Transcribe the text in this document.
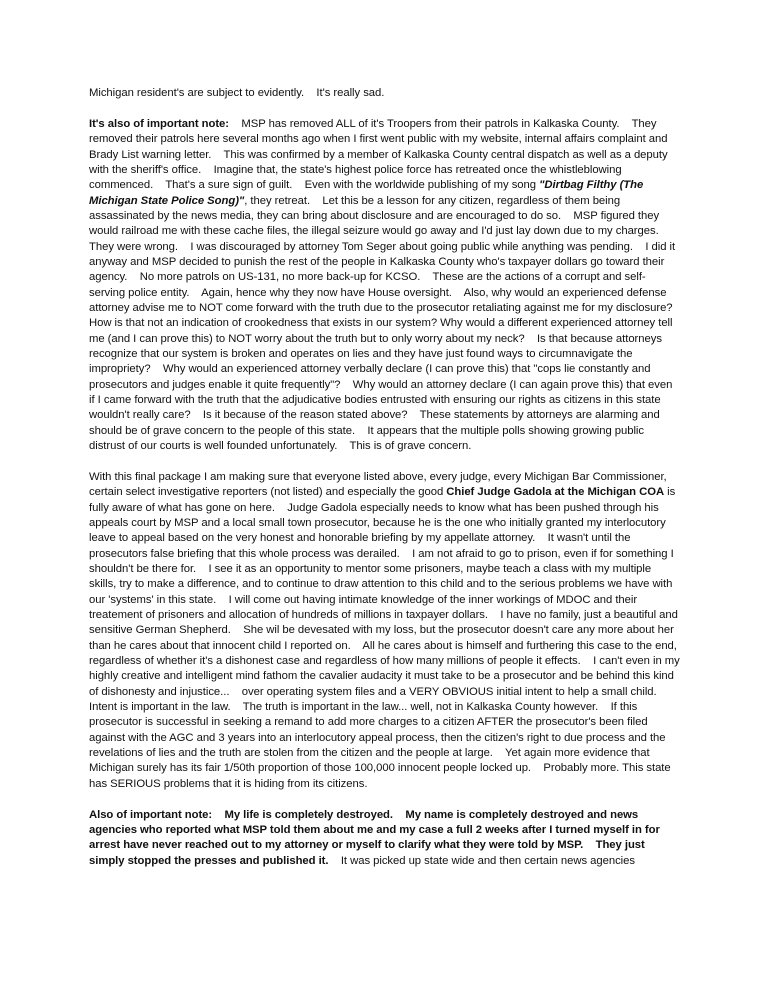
Michigan resident's are subject to evidently.    It's really sad.

It's also of important note:    MSP has removed ALL of it's Troopers from their patrols in Kalkaska County.    They removed their patrols here several months ago when I first went public with my website, internal affairs complaint and Brady List warning letter.    This was confirmed by a member of Kalkaska County central dispatch as well as a deputy with the sheriff's office.    Imagine that, the state's highest police force has retreated once the whistleblowing commenced.    That's a sure sign of guilt.    Even with the worldwide publishing of my song "Dirtbag Filthy (The Michigan State Police Song)", they retreat.    Let this be a lesson for any citizen, regardless of them being assassinated by the news media, they can bring about disclosure and are encouraged to do so.    MSP figured they would railroad me with these cache files, the illegal seizure would go away and I'd just lay down due to my charges.    They were wrong.    I was discouraged by attorney Tom Seger about going public while anything was pending.    I did it anyway and MSP decided to punish the rest of the people in Kalkaska County who's taxpayer dollars go toward their agency.    No more patrols on US-131, no more back-up for KCSO.    These are the actions of a corrupt and self-serving police entity.    Again, hence why they now have House oversight.    Also, why would an experienced defense attorney advise me to NOT come forward with the truth due to the prosecutor retaliating against me for my disclosure?    How is that not an indication of crookedness that exists in our system? Why would a different experienced attorney tell me (and I can prove this) to NOT worry about the truth but to only worry about my neck?    Is that because attorneys recognize that our system is broken and operates on lies and they have just found ways to circumnavigate the impropriety?    Why would an experienced attorney verbally declare (I can prove this) that "cops lie constantly and prosecutors and judges enable it quite frequently"?    Why would an attorney declare (I can again prove this) that even if I came forward with the truth that the adjudicative bodies entrusted with ensuring our rights as citizens in this state wouldn't really care?    Is it because of the reason stated above?    These statements by attorneys are alarming and should be of grave concern to the people of this state.    It appears that the multiple polls showing growing public distrust of our courts is well founded unfortunately.    This is of grave concern.

With this final package I am making sure that everyone listed above, every judge, every Michigan Bar Commissioner, certain select investigative reporters (not listed) and especially the good Chief Judge Gadola at the Michigan COA is fully aware of what has gone on here.    Judge Gadola especially needs to know what has been pushed through his appeals court by MSP and a local small town prosecutor, because he is the one who initially granted my interlocutory leave to appeal based on the very honest and honorable briefing by my appellate attorney.    It wasn't until the prosecutors false briefing that this whole process was derailed.    I am not afraid to go to prison, even if for something I shouldn't be there for.    I see it as an opportunity to mentor some prisoners, maybe teach a class with my multiple skills, try to make a difference, and to continue to draw attention to this child and to the serious problems we have with our 'systems' in this state.    I will come out having intimate knowledge of the inner workings of MDOC and their treatement of prisoners and allocation of hundreds of millions in taxpayer dollars.    I have no family, just a beautiful and sensitive German Shepherd.    She wil be devesated with my loss, but the prosecutor doesn't care any more about her than he cares about that innocent child I reported on.    All he cares about is himself and furthering this case to the end, regardless of whether it's a dishonest case and regardless of how many millions of people it effects.    I can't even in my highly creative and intelligent mind fathom the cavalier audacity it must take to be a prosecutor and be behind this kind of dishonesty and injustice...    over operating system files and a VERY OBVIOUS initial intent to help a small child.    Intent is important in the law.    The truth is important in the law... well, not in Kalkaska County however.    If this prosecutor is successful in seeking a remand to add more charges to a citizen AFTER the prosecutor's been filed against with the AGC and 3 years into an interlocutory appeal process, then the citizen's right to due process and the revelations of lies and the truth are stolen from the citizen and the people at large.    Yet again more evidence that Michigan surely has its fair 1/50th proportion of those 100,000 innocent people locked up.    Probably more. This state has SERIOUS problems that it is hiding from its citizens.

Also of important note:    My life is completely destroyed.    My name is completely destroyed and news agencies who reported what MSP told them about me and my case a full 2 weeks after I turned myself in for arrest have never reached out to my attorney or myself to clarify what they were told by MSP.    They just simply stopped the presses and published it.    It was picked up state wide and then certain news agencies
